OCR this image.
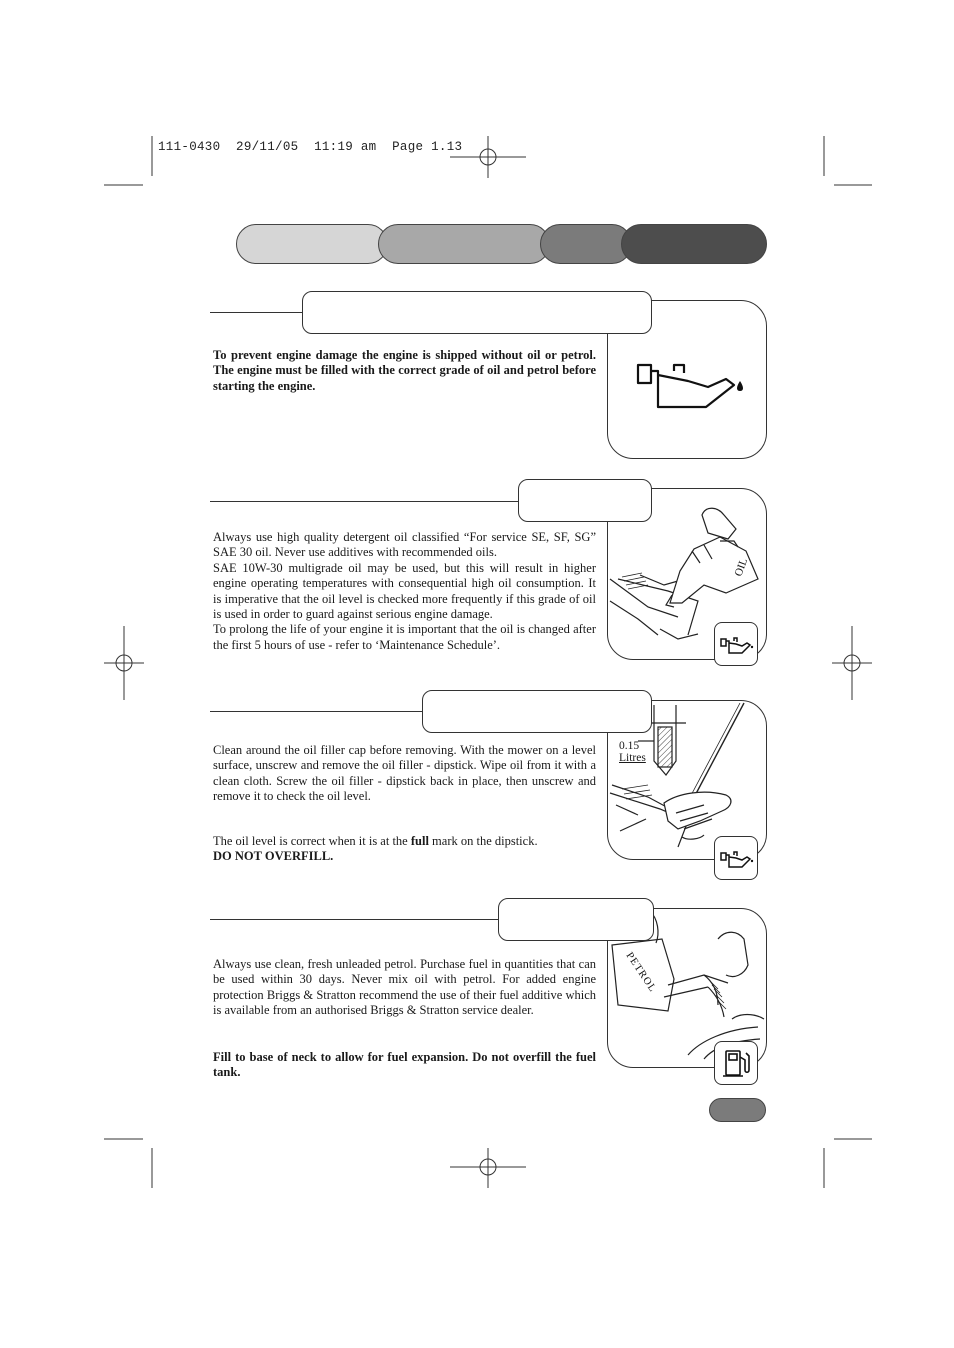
111-0430 29/11/05 11:19 am Page 1.13

To prevent engine damage the engine is shipped without oil or petrol. The engine must be filled with the correct grade of oil and petrol before starting the engine.

OIL

Always use high quality detergent oil classified “For service SE, SF, SG” SAE 30 oil. Never use additives with recommended oils.

SAE 10W-30 multigrade oil may be used, but this will result in higher engine operating temperatures with consequential high oil consumption. It is imperative that the oil level is checked more frequently if this grade of oil is used in order to guard against serious engine damage.

To prolong the life of your engine it is important that the oil is changed after the first 5 hours of use - refer to ‘Maintenance Schedule’.

0.15
Litres

Clean around the oil filler cap before removing. With the mower on a level surface, unscrew and remove the oil filler - dipstick. Wipe oil from it with a clean cloth. Screw the oil filler - dipstick back in place, then unscrew and remove it to check the oil level.

The oil level is correct when it is at the full mark on the dipstick.

DO NOT OVERFILL.

PETROL

Always use clean, fresh unleaded petrol. Purchase fuel in quantities that can be used within 30 days. Never mix oil with petrol. For added engine protection Briggs & Stratton recommend the use of their fuel additive which is available from an authorised Briggs & Stratton service dealer.

Fill to base of neck to allow for fuel expansion. Do not overfill the fuel tank.
